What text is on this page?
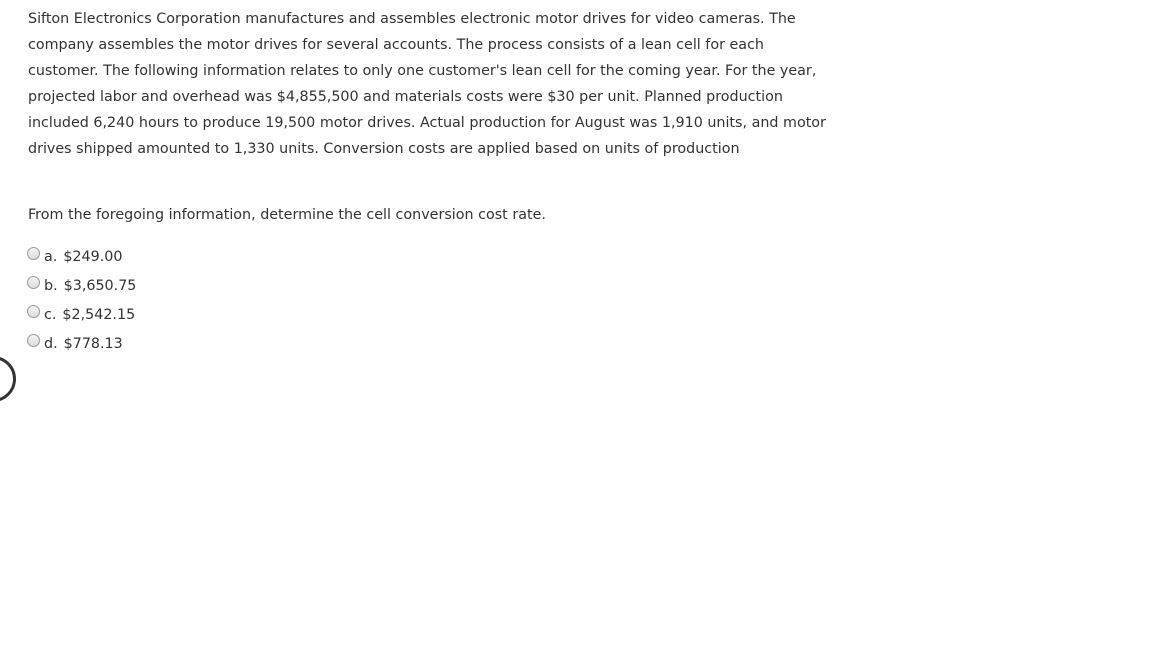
Sifton Electronics Corporation manufactures and assembles electronic motor drives for video cameras. The company assembles the motor drives for several accounts. The process consists of a lean cell for each customer. The following information relates to only one customer's lean cell for the coming year. For the year, projected labor and overhead was $4,855,500 and materials costs were $30 per unit. Planned production included 6,240 hours to produce 19,500 motor drives. Actual production for August was 1,910 units, and motor drives shipped amounted to 1,330 units. Conversion costs are applied based on units of production

From the foregoing information, determine the cell conversion cost rate.

a. $249.00
b. $3,650.75
c. $2,542.15
d. $778.13
